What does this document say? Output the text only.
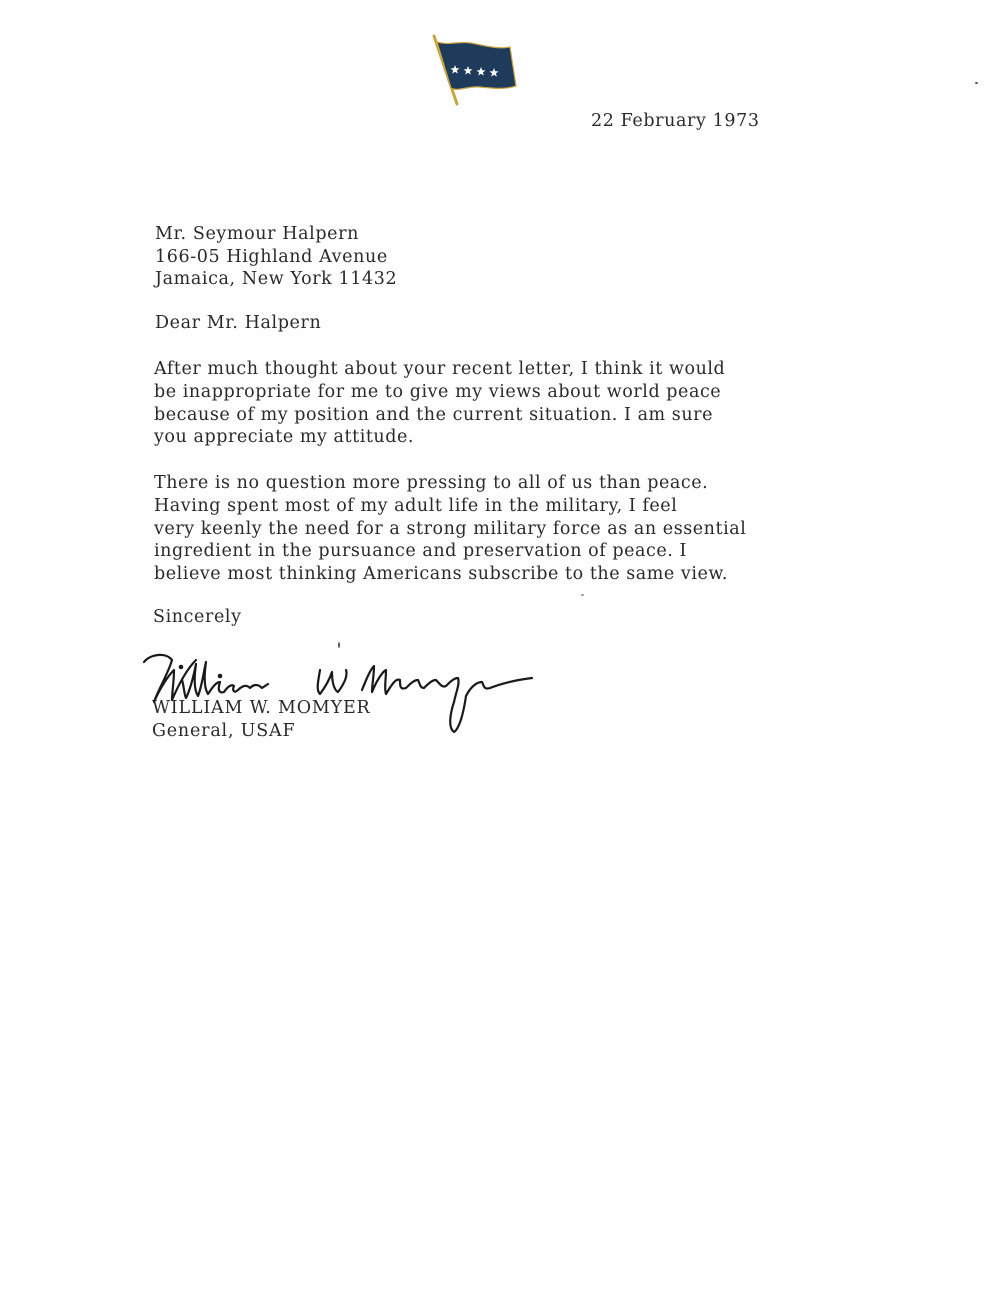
22 February 1973
Mr. Seymour Halpern
166-05 Highland Avenue
Jamaica, New York 11432
Dear Mr. Halpern
After much thought about your recent letter, I think it would
be inappropriate for me to give my views about world peace
because of my position and the current situation. I am sure
you appreciate my attitude.
There is no question more pressing to all of us than peace.
Having spent most of my adult life in the military, I feel
very keenly the need for a strong military force as an essential
ingredient in the pursuance and preservation of peace. I
believe most thinking Americans subscribe to the same view.
Sincerely
WILLIAM W. MOMYER
General, USAF
